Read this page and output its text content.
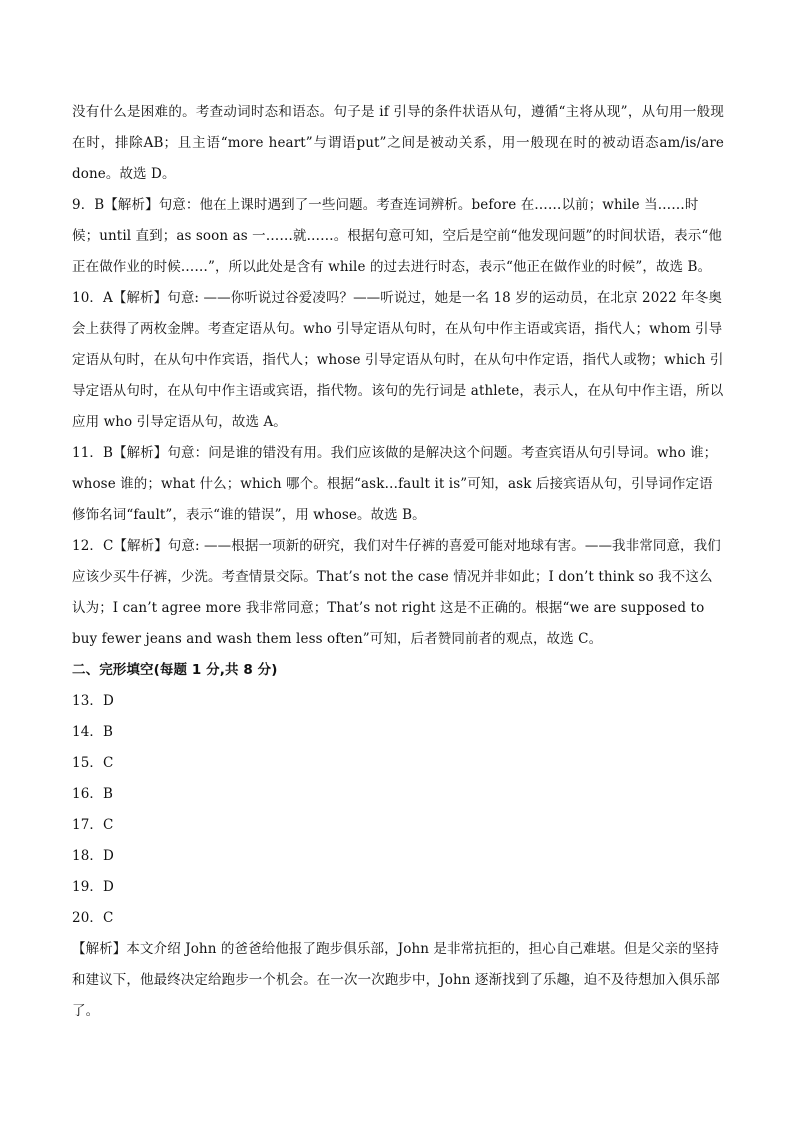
没有什么是困难的。考查动词时态和语态。句子是 if 引导的条件状语从句，遵循“主将从现”，从句用一般现在时，排除AB；且主语“more heart”与谓语put”之间是被动关系，用一般现在时的被动语态am/is/are done。故选 D。

9．B【解析】句意：他在上课时遇到了一些问题。考查连词辨析。before 在……以前；while 当……时候；until 直到；as soon as 一……就……。根据句意可知，空后是空前“他发现问题”的时间状语，表示“他正在做作业的时候……”，所以此处是含有 while 的过去进行时态，表示“他正在做作业的时候”，故选 B。

10．A【解析】句意: ——你听说过谷爱凌吗？——听说过，她是一名 18 岁的运动员，在北京 2022 年冬奥会上获得了两枚金牌。考查定语从句。who 引导定语从句时，在从句中作主语或宾语，指代人；whom 引导定语从句时，在从句中作宾语，指代人；whose 引导定语从句时，在从句中作定语，指代人或物；which 引导定语从句时，在从句中作主语或宾语，指代物。该句的先行词是 athlete，表示人，在从句中作主语，所以应用 who 引导定语从句，故选 A。

11．B【解析】句意：问是谁的错没有用。我们应该做的是解决这个问题。考查宾语从句引导词。who 谁；whose 谁的；what 什么；which 哪个。根据“ask…fault it is”可知，ask 后接宾语从句，引导词作定语修饰名词“fault”，表示“谁的错误”，用 whose。故选 B。

12．C【解析】句意: ——根据一项新的研究，我们对牛仔裤的喜爱可能对地球有害。——我非常同意，我们应该少买牛仔裤，少洗。考查情景交际。That’s not the case 情况并非如此；I don’t think so 我不这么认为；I can’t agree more 我非常同意；That’s not right 这是不正确的。根据“we are supposed to buy fewer jeans and wash them less often”可知，后者赞同前者的观点，故选 C。

二、完形填空(每题 1 分,共 8 分)

13．D

14．B

15．C

16．B

17．C

18．D

19．D

20．C

【解析】本文介绍 John 的爸爸给他报了跑步俱乐部，John 是非常抗拒的，担心自己难堪。但是父亲的坚持和建议下，他最终决定给跑步一个机会。在一次一次跑步中，John 逐渐找到了乐趣，迫不及待想加入俱乐部了。
